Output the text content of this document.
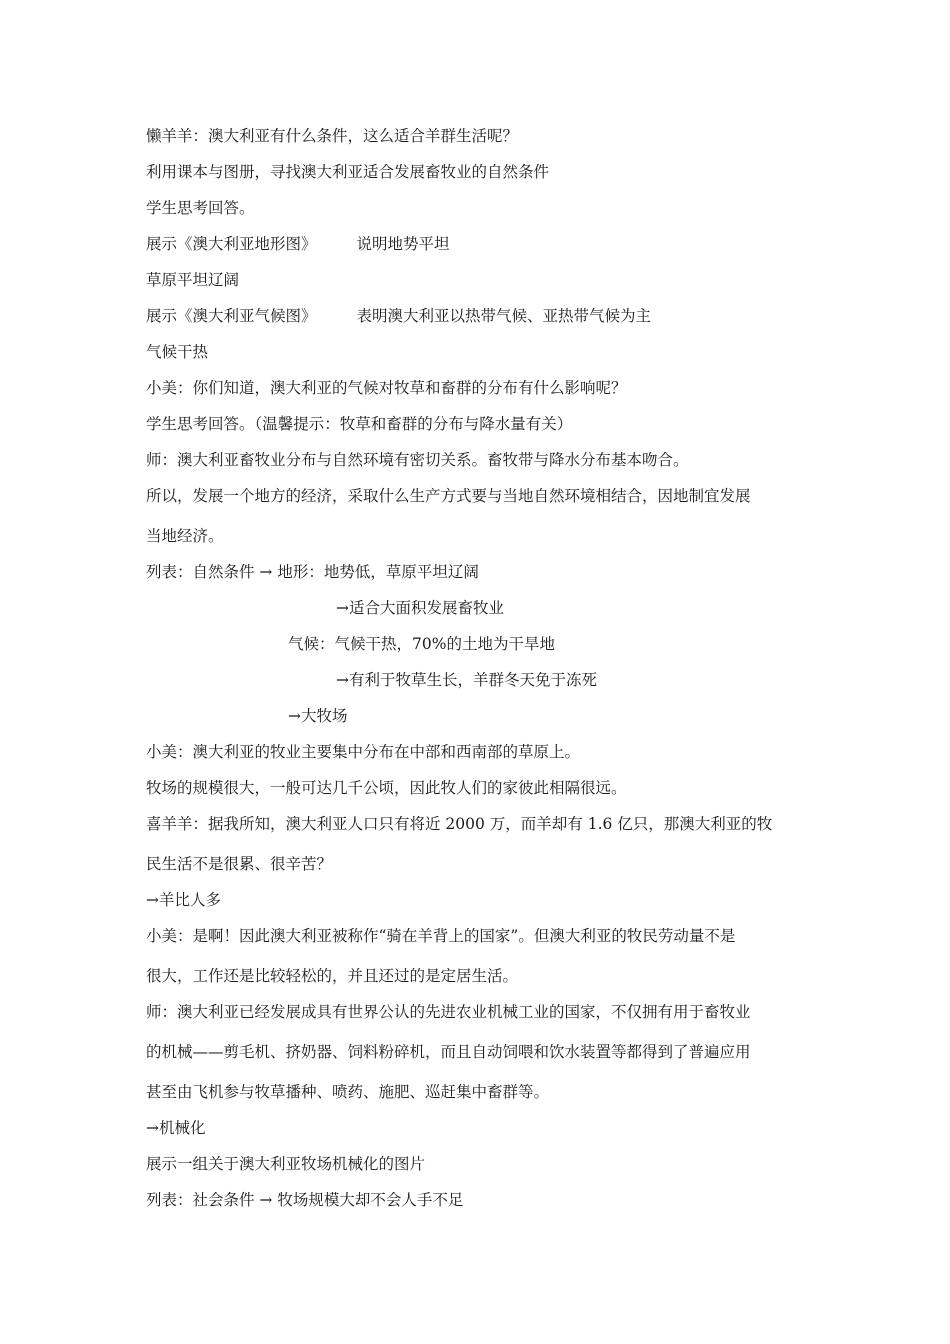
懒羊羊：澳大利亚有什么条件，这么适合羊群生活呢？
利用课本与图册，寻找澳大利亚适合发展畜牧业的自然条件
学生思考回答。
展示《澳大利亚地形图》	说明地势平坦
草原平坦辽阔
展示《澳大利亚气候图》	表明澳大利亚以热带气候、亚热带气候为主
气候干热
小美：你们知道，澳大利亚的气候对牧草和畜群的分布有什么影响呢？
学生思考回答。（温馨提示：牧草和畜群的分布与降水量有关）
师：澳大利亚畜牧业分布与自然环境有密切关系。畜牧带与降水分布基本吻合。
所以，发展一个地方的经济，采取什么生产方式要与当地自然环境相结合，因地制宜发展
当地经济。
列表：自然条件 → 地形：地势低，草原平坦辽阔
→适合大面积发展畜牧业
气候：气候干热，70%的土地为干旱地
→有利于牧草生长，羊群冬天免于冻死
→大牧场
小美：澳大利亚的牧业主要集中分布在中部和西南部的草原上。
牧场的规模很大，一般可达几千公顷，因此牧人们的家彼此相隔很远。
喜羊羊：据我所知，澳大利亚人口只有将近 2000 万，而羊却有 1.6 亿只，那澳大利亚的牧
民生活不是很累、很辛苦？
→羊比人多
小美：是啊！因此澳大利亚被称作“骑在羊背上的国家”。但澳大利亚的牧民劳动量不是
很大，工作还是比较轻松的，并且还过的是定居生活。
师：澳大利亚已经发展成具有世界公认的先进农业机械工业的国家，不仅拥有用于畜牧业
的机械——剪毛机、挤奶器、饲料粉碎机，而且自动饲喂和饮水装置等都得到了普遍应用
甚至由飞机参与牧草播种、喷药、施肥、巡赶集中畜群等。
→机械化
展示一组关于澳大利亚牧场机械化的图片
列表：社会条件 → 牧场规模大却不会人手不足
